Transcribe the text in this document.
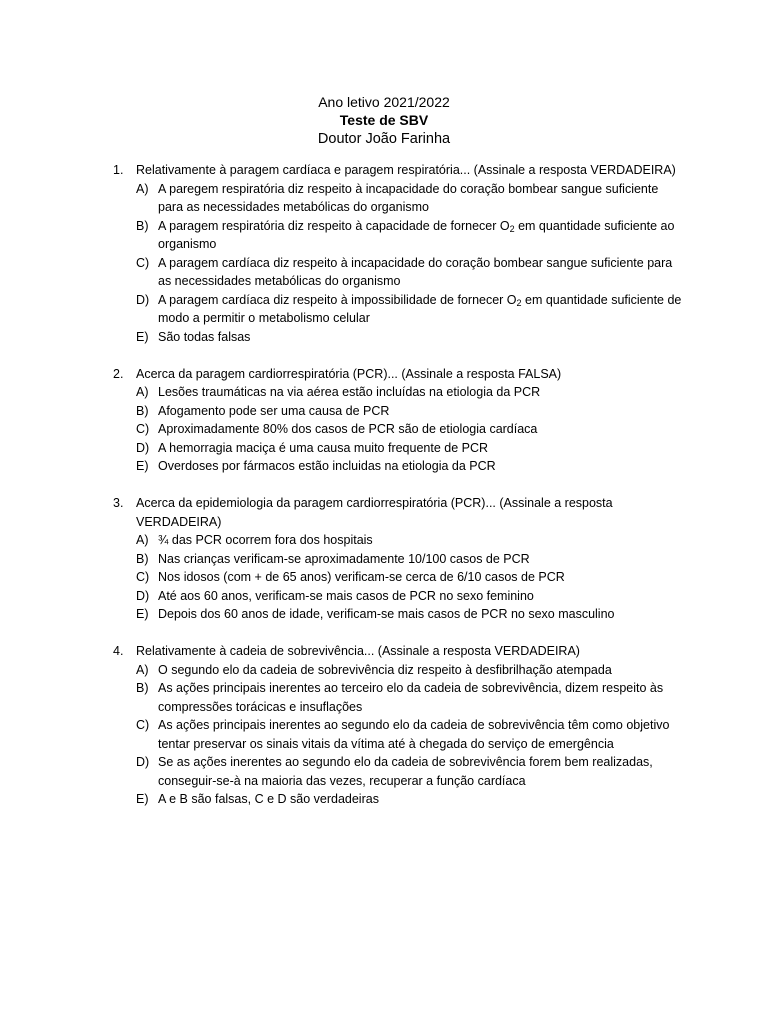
Ano letivo 2021/2022
Teste de SBV
Doutor João Farinha
1. Relativamente à paragem cardíaca e paragem respiratória... (Assinale a resposta VERDADEIRA)
A) A paregem respiratória diz respeito à incapacidade do coração bombear sangue suficiente para as necessidades metabólicas do organismo
B) A paragem respiratória diz respeito à capacidade de fornecer $O_2$ em quantidade suficiente ao organismo
C) A paragem cardíaca diz respeito à incapacidade do coração bombear sangue suficiente para as necessidades metabólicas do organismo
D) A paragem cardíaca diz respeito à impossibilidade de fornecer $O_2$ em quantidade suficiente de modo a permitir o metabolismo celular
E) São todas falsas
2. Acerca da paragem cardiorrespiratória (PCR)... (Assinale a resposta FALSA)
A) Lesões traumáticas na via aérea estão incluídas na etiologia da PCR
B) Afogamento pode ser uma causa de PCR
C) Aproximadamente 80% dos casos de PCR são de etiologia cardíaca
D) A hemorragia maciça é uma causa muito frequente de PCR
E) Overdoses por fármacos estão incluidas na etiologia da PCR
3. Acerca da epidemiologia da paragem cardiorrespiratória (PCR)... (Assinale a resposta VERDADEIRA)
A) ¾ das PCR ocorrem fora dos hospitais
B) Nas crianças verificam-se aproximadamente 10/100 casos de PCR
C) Nos idosos (com + de 65 anos) verificam-se cerca de 6/10 casos de PCR
D) Até aos 60 anos, verificam-se mais casos de PCR no sexo feminino
E) Depois dos 60 anos de idade, verificam-se mais casos de PCR no sexo masculino
4. Relativamente à cadeia de sobrevivência... (Assinale a resposta VERDADEIRA)
A) O segundo elo da cadeia de sobrevivência diz respeito à desfibrilhação atempada
B) As ações principais inerentes ao terceiro elo da cadeia de sobrevivência, dizem respeito às compressões torácicas e insuflações
C) As ações principais inerentes ao segundo elo da cadeia de sobrevivência têm como objetivo tentar preservar os sinais vitais da vítima até à chegada do serviço de emergência
D) Se as ações inerentes ao segundo elo da cadeia de sobrevivência forem bem realizadas, conseguir-se-à na maioria das vezes, recuperar a função cardíaca
E) A e B são falsas, C e D são verdadeiras
